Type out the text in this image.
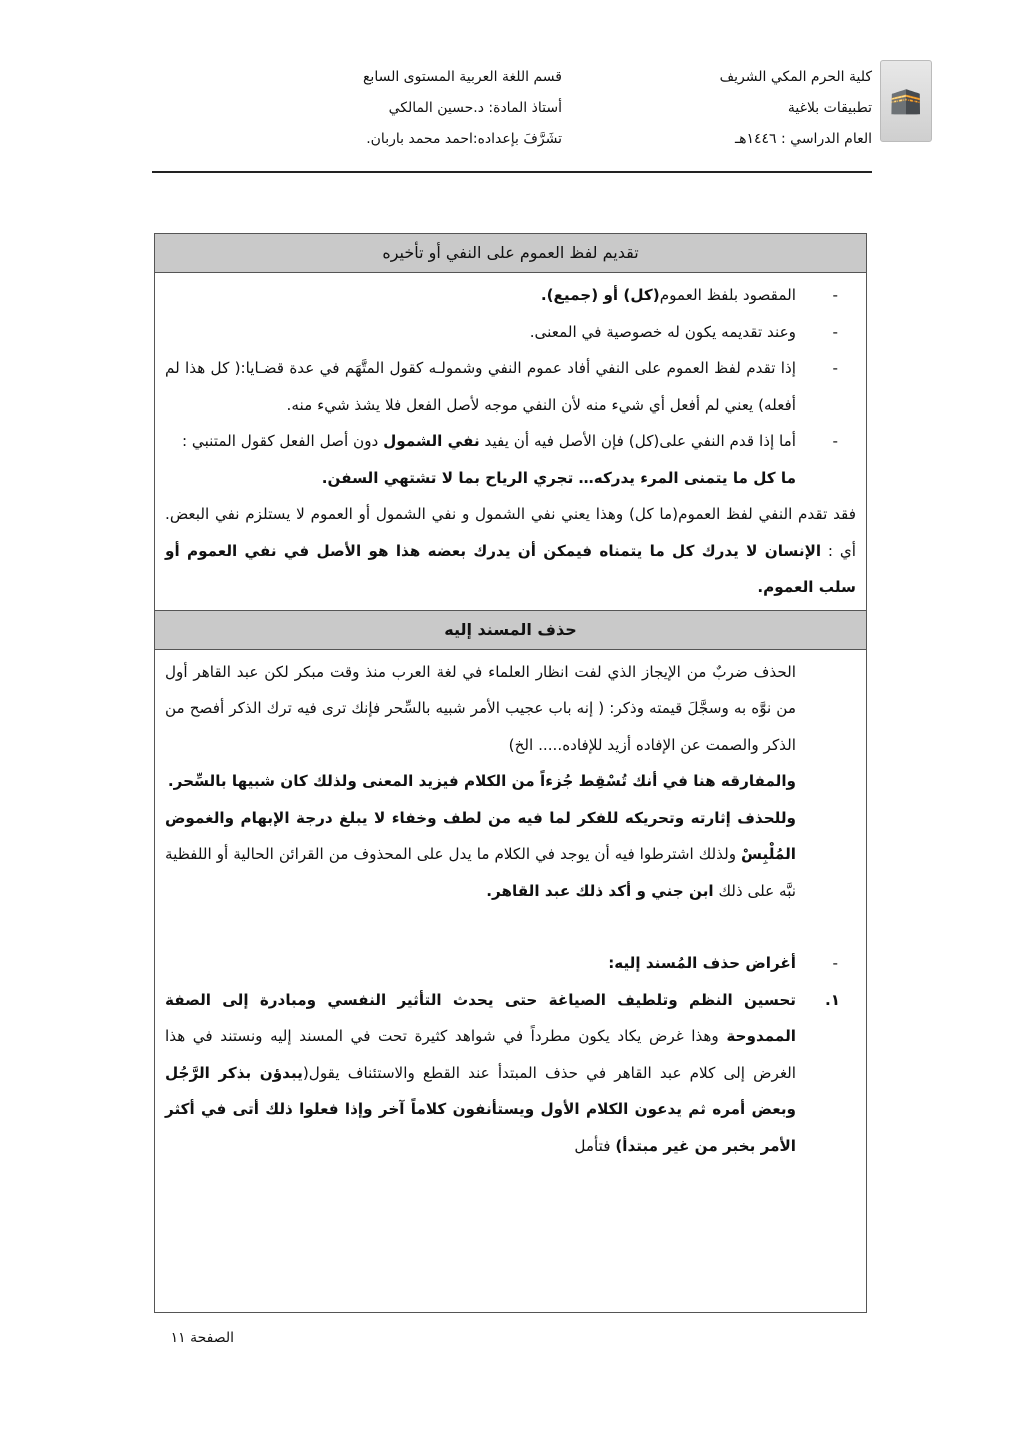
🕋
كلية الحرم المكي الشريف
تطبيقات بلاغية
العام الدراسي : ١٤٤٦هـ
قسم اللغة العربية المستوى السابع
أستاذ المادة: د.حسين المالكي
تشَرَّفَ بإعداده:احمد محمد باربان.
تقديم لفظ العموم على النفي أو تأخيره

-
المقصود بلفظ العموم(كل) أو (جميع).

-
وعند تقديمه يكون له خصوصية في المعنى.

-
إذا تقدم لفظ العموم على النفي أفاد عموم النفي وشمولـه كقول المتَّهَم في عدة قضـايا:( كل هذا لم أفعله) يعني لم أفعل أي شيء منه لأن النفي موجه لأصل الفعل فلا يشذ شيء منه.

-
أما إذا قدم النفي على(كل) فإن الأصل فيه أن يفيد نفي الشمول دون أصل الفعل كقول المتنبي :

ما كل ما يتمنى المرء يدركه… تجري الرياح بما لا تشتهي السفن.

فقد تقدم النفي لفظ العموم(ما كل) وهذا يعني نفي الشمول و نفي الشمول أو العموم لا يستلزم نفي البعض. أي : الإنسان لا يدرك كل ما يتمناه فيمكن أن يدرك بعضه هذا هو الأصل في نفي العموم أو سلب العموم.

حذف المسند إليه

الحذف ضربٌ من الإيجاز الذي لفت انظار العلماء في لغة العرب منذ وقت مبكر لكن عبد القاهر أول من نوَّه به وسجَّلَ قيمته وذكر: ( إنه باب عجيب الأمر شبيه بالسِّحر فإنك ترى فيه ترك الذكر أفصح من الذكر والصمت عن الإفاده أزيد للإفاده..... الخ)

والمفارقه هنا في أنك تُسْقِط جُزءاً من الكلام فيزيد المعنى ولذلك كان شبيها بالسِّحر.

وللحذف إثارته وتحريكه للفكر لما فيه من لطف وخفاء لا يبلغ درجة الإبهام والغموض المُلْبِسْ ولذلك اشترطوا فيه أن يوجد في الكلام ما يدل على المحذوف من القرائن الحالية أو اللفظية نبَّه على ذلك ابن جني و أكد ذلك عبد القاهر.

-
أغراض حذف المُسند إليه:

١.
تحسين النظم وتلطيف الصياغة حتى يحدث التأثير النفسي ومبادرة إلى الصفة الممدوحة وهذا غرض يكاد يكون مطرداً في شواهد كثيرة تحت في المسند إليه ونستند في هذا الغرض إلى كلام عبد القاهر في حذف المبتدأ عند القطع والاستئناف يقول(يبدؤن بذكر الرَّجُل وبعض أمره ثم يدعون الكلام الأول ويستأنفون كلاماً آخر وإذا فعلوا ذلك أتى في أكثر الأمر بخبر من غير مبتدأ) فتأمل

الصفحة ١١
